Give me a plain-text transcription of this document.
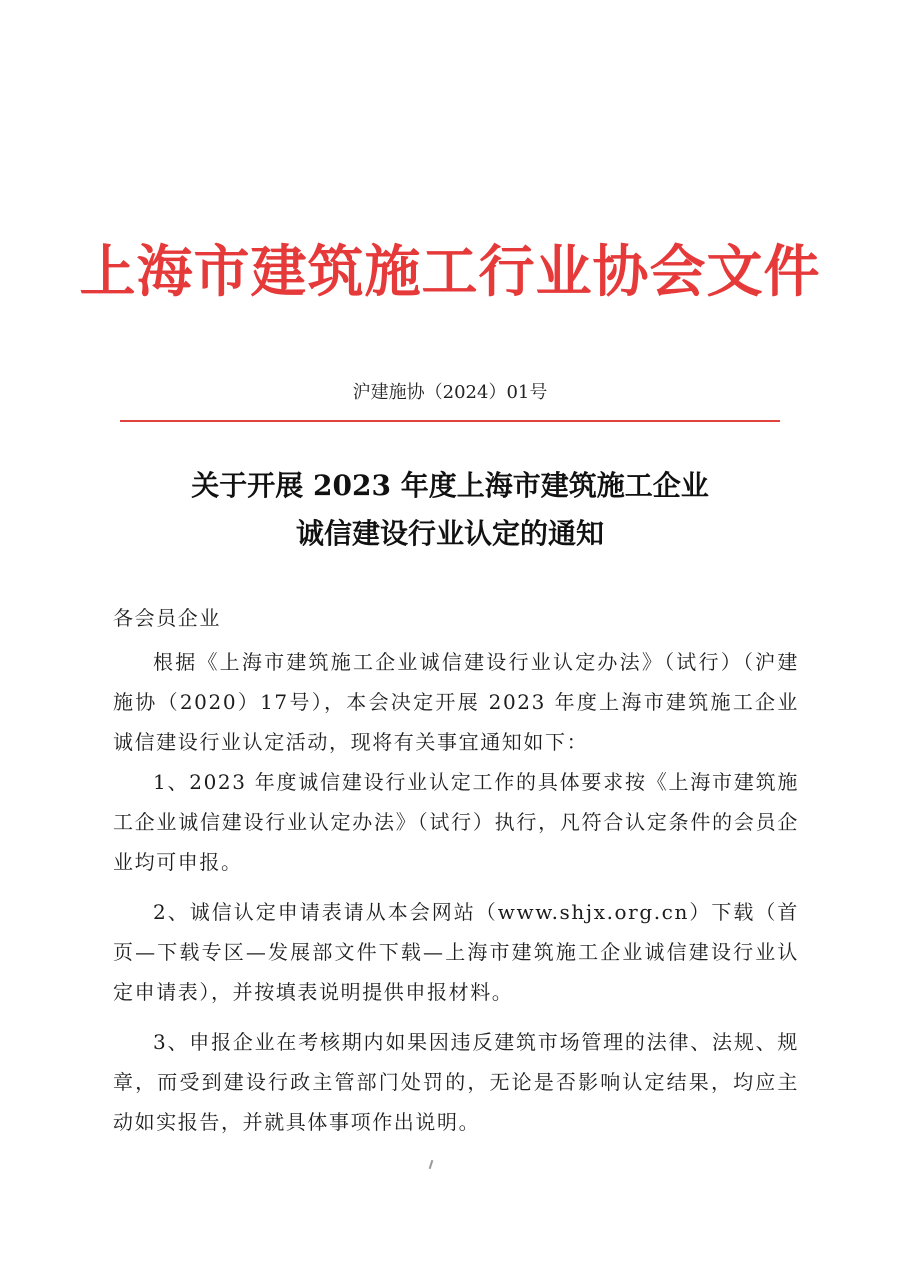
上海市建筑施工行业协会文件
沪建施协（2024）01号
关于开展 2023 年度上海市建筑施工企业
诚信建设行业认定的通知

各会员企业

根据《上海市建筑施工企业诚信建设行业认定办法》（试行）（沪建施协（2020）17号），本会决定开展 2023 年度上海市建筑施工企业诚信建设行业认定活动，现将有关事宜通知如下：

1、2023 年度诚信建设行业认定工作的具体要求按《上海市建筑施工企业诚信建设行业认定办法》（试行）执行，凡符合认定条件的会员企业均可申报。

2、诚信认定申请表请从本会网站（www.shjx.org.cn）下载（首页—下载专区—发展部文件下载—上海市建筑施工企业诚信建设行业认定申请表），并按填表说明提供申报材料。

3、申报企业在考核期内如果因违反建筑市场管理的法律、法规、规章，而受到建设行政主管部门处罚的，无论是否影响认定结果，均应主动如实报告，并就具体事项作出说明。
